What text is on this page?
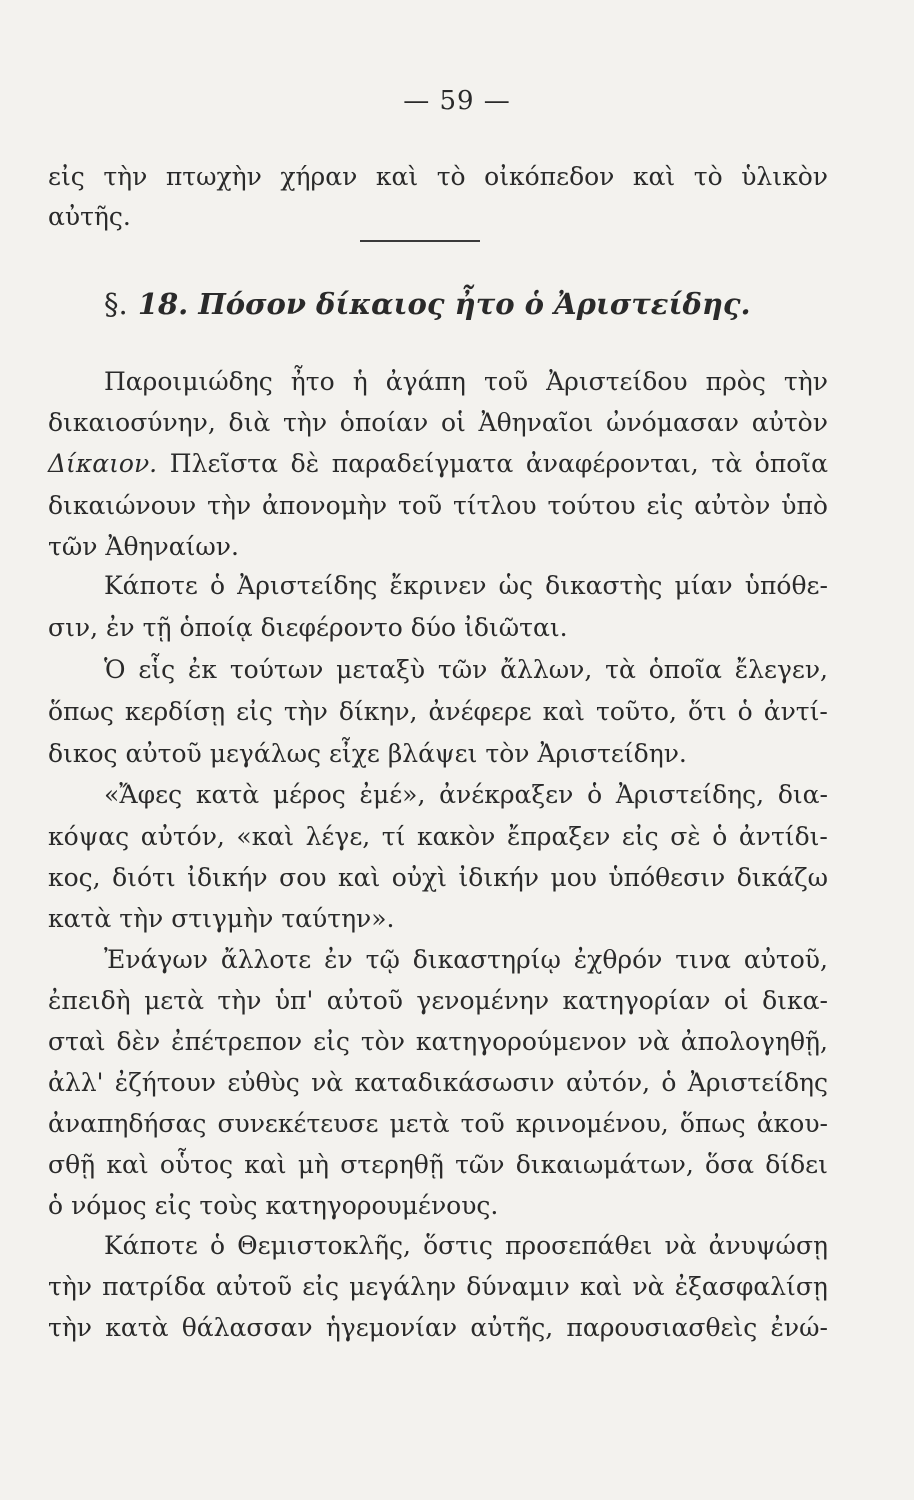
— 59 —
εἰς τὴν πτωχὴν χήραν καὶ τὸ οἰκόπεδον καὶ τὸ ὑλικὸν
αὐτῆς.
Παροιμιώδης ἦτο ἡ ἀγάπη τοῦ Ἀριστείδου πρὸς τὴν
δικαιοσύνην, διὰ τὴν ὁποίαν οἱ Ἀθηναῖοι ὠνόμασαν αὐτὸν
Δίκαιον. Πλεῖστα δὲ παραδείγματα ἀναφέρονται, τὰ ὁποῖα
δικαιώνουν τὴν ἀπονομὴν τοῦ τίτλου τούτου εἰς αὐτὸν ὑπὸ
τῶν Ἀθηναίων.
Κάποτε ὁ Ἀριστείδης ἔκρινεν ὡς δικαστὴς μίαν ὑπόθε-
σιν, ἐν τῇ ὁποίᾳ διεφέροντο δύο ἰδιῶται.
Ὁ εἷς ἐκ τούτων μεταξὺ τῶν ἄλλων, τὰ ὁποῖα ἔλεγεν,
ὅπως κερδίσῃ εἰς τὴν δίκην, ἀνέφερε καὶ τοῦτο, ὅτι ὁ ἀντί-
δικος αὐτοῦ μεγάλως εἶχε βλάψει τὸν Ἀριστείδην.
«Ἄφες κατὰ μέρος ἐμέ», ἀνέκραξεν ὁ Ἀριστείδης, δια-
κόψας αὐτόν, «καὶ λέγε, τί κακὸν ἔπραξεν εἰς σὲ ὁ ἀντίδι-
κος, διότι ἰδικήν σου καὶ οὐχὶ ἰδικήν μου ὑπόθεσιν δικάζω
κατὰ τὴν στιγμὴν ταύτην».
Ἐνάγων ἄλλοτε ἐν τῷ δικαστηρίῳ ἐχθρόν τινα αὐτοῦ,
ἐπειδὴ μετὰ τὴν ὑπ' αὐτοῦ γενομένην κατηγορίαν οἱ δικα-
σταὶ δὲν ἐπέτρεπον εἰς τὸν κατηγορούμενον νὰ ἀπολογηθῇ,
ἀλλ' ἐζήτουν εὐθὺς νὰ καταδικάσωσιν αὐτόν, ὁ Ἀριστείδης
ἀναπηδήσας συνεκέτευσε μετὰ τοῦ κρινομένου, ὅπως ἀκου-
σθῇ καὶ οὗτος καὶ μὴ στερηθῇ τῶν δικαιωμάτων, ὅσα δίδει
ὁ νόμος εἰς τοὺς κατηγορουμένους.
Κάποτε ὁ Θεμιστοκλῆς, ὅστις προσεπάθει νὰ ἀνυψώσῃ
τὴν πατρίδα αὐτοῦ εἰς μεγάλην δύναμιν καὶ νὰ ἐξασφαλίσῃ
τὴν κατὰ θάλασσαν ἡγεμονίαν αὐτῆς, παρουσιασθεὶς ἐνώ-
§. 18. Πόσον δίκαιος ἦτο ὁ Ἀριστείδης.
